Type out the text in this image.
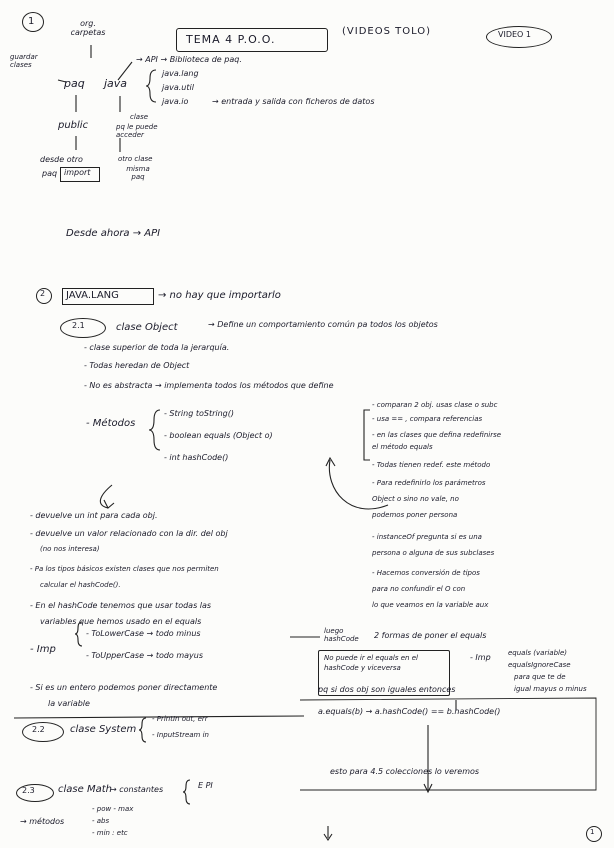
1
TEMA 4 P.O.O.
(VIDEOS TOLO)	VIDEO 1
org. carpetas
guardar clases
paq java
→ API → Biblioteca de paq.
java.lang
java.util
java.io	→ entrada y salida con ficheros de datos
public
clase
pq le puede acceder
otro clase
misma paq
desde otro
paq import
Desde ahora → API
2 JAVA.LANG	→ no hay que importarlo
2.1	clase Object	→ Define un comportamiento común pa todos los objetos
- clase superior de toda la jerarquía.
- Todas heredan de Object
- No es abstracta → implementa todos los métodos que define
- Métodos
- String toString()
- boolean equals (Object o)
- int hashCode()
- comparan 2 obj. usas clase o subc
- usa == , compara referencias
- en las clases que defina redefinirse
el método equals
- Todas tienen redef. este método
- Para redefinirlo los parámetros
Object o sino no vale, no
podemos poner persona
- instanceOf pregunta si es una
persona o alguna de sus subclases
- Hacemos conversión de tipos
para no confundir el O con
lo que veamos en la variable aux
- devuelve un int para cada obj.
- devuelve un valor relacionado con la dir. del obj
(no nos interesa)
- Pa los tipos básicos existen clases que nos permiten
calcular el hashCode().
- En el hashCode tenemos que usar todas las
variables que hemos usado en el equals
- Imp
- ToLowerCase → todo minus
- ToUpperCase → todo mayus
luego hashCode	2 formas de poner el equals
No puede ir el equals en el hashCode y viceversa
- Imp equals (variable)
equalsIgnoreCase
para que te de
igual mayus o minus
- Si es un entero podemos poner directamente
la variable
pq si dos obj son iguales entonces
a.equals(b) → a.hashCode() == b.hashCode()
esto para 4.5 colecciones lo veremos
2.2	clase System
- PrintIn out, err
- InputStream in
2.3 clase Math
→ constantes	E PI
→ métodos
- pow - max
- abs
- min : etc	1
